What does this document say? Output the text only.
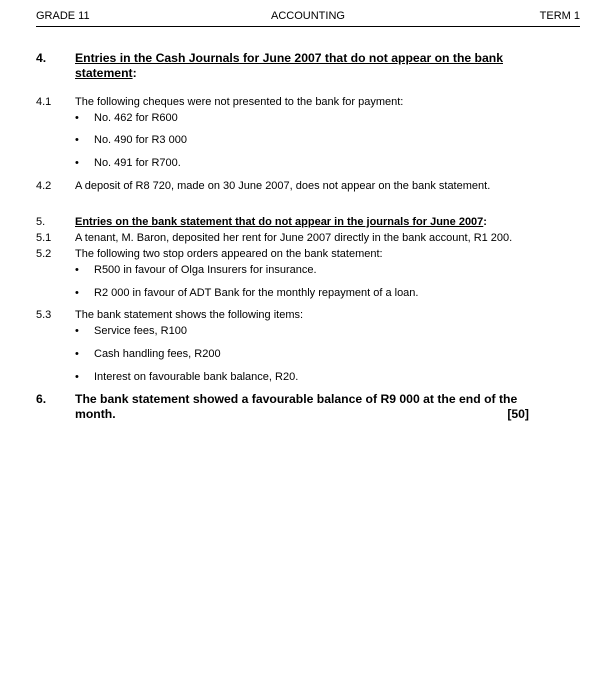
GRADE 11	ACCOUNTING	TERM 1
4. Entries in the Cash Journals for June 2007 that do not appear on the bank
statement:
4.1 The following cheques were not presented to the bank for payment:
• No. 462 for R600
• No. 490 for R3 000
• No. 491 for R700.
4.2 A deposit of R8 720, made on 30 June 2007, does not appear on the bank statement.
5.	Entries on the bank statement that do not appear in the journals for June 2007:
5.1 A tenant, M. Baron, deposited her rent for June 2007 directly in the bank account, R1 200.
5.2 The following two stop orders appeared on the bank statement:
• R500 in favour of Olga Insurers for insurance.
• R2 000 in favour of ADT Bank for the monthly repayment of a loan.
5.3 The bank statement shows the following items:
• Service fees, R100
• Cash handling fees, R200
• Interest on favourable bank balance, R20.
6. The bank statement showed a favourable balance of R9 000 at the end of the
month.	[50]
